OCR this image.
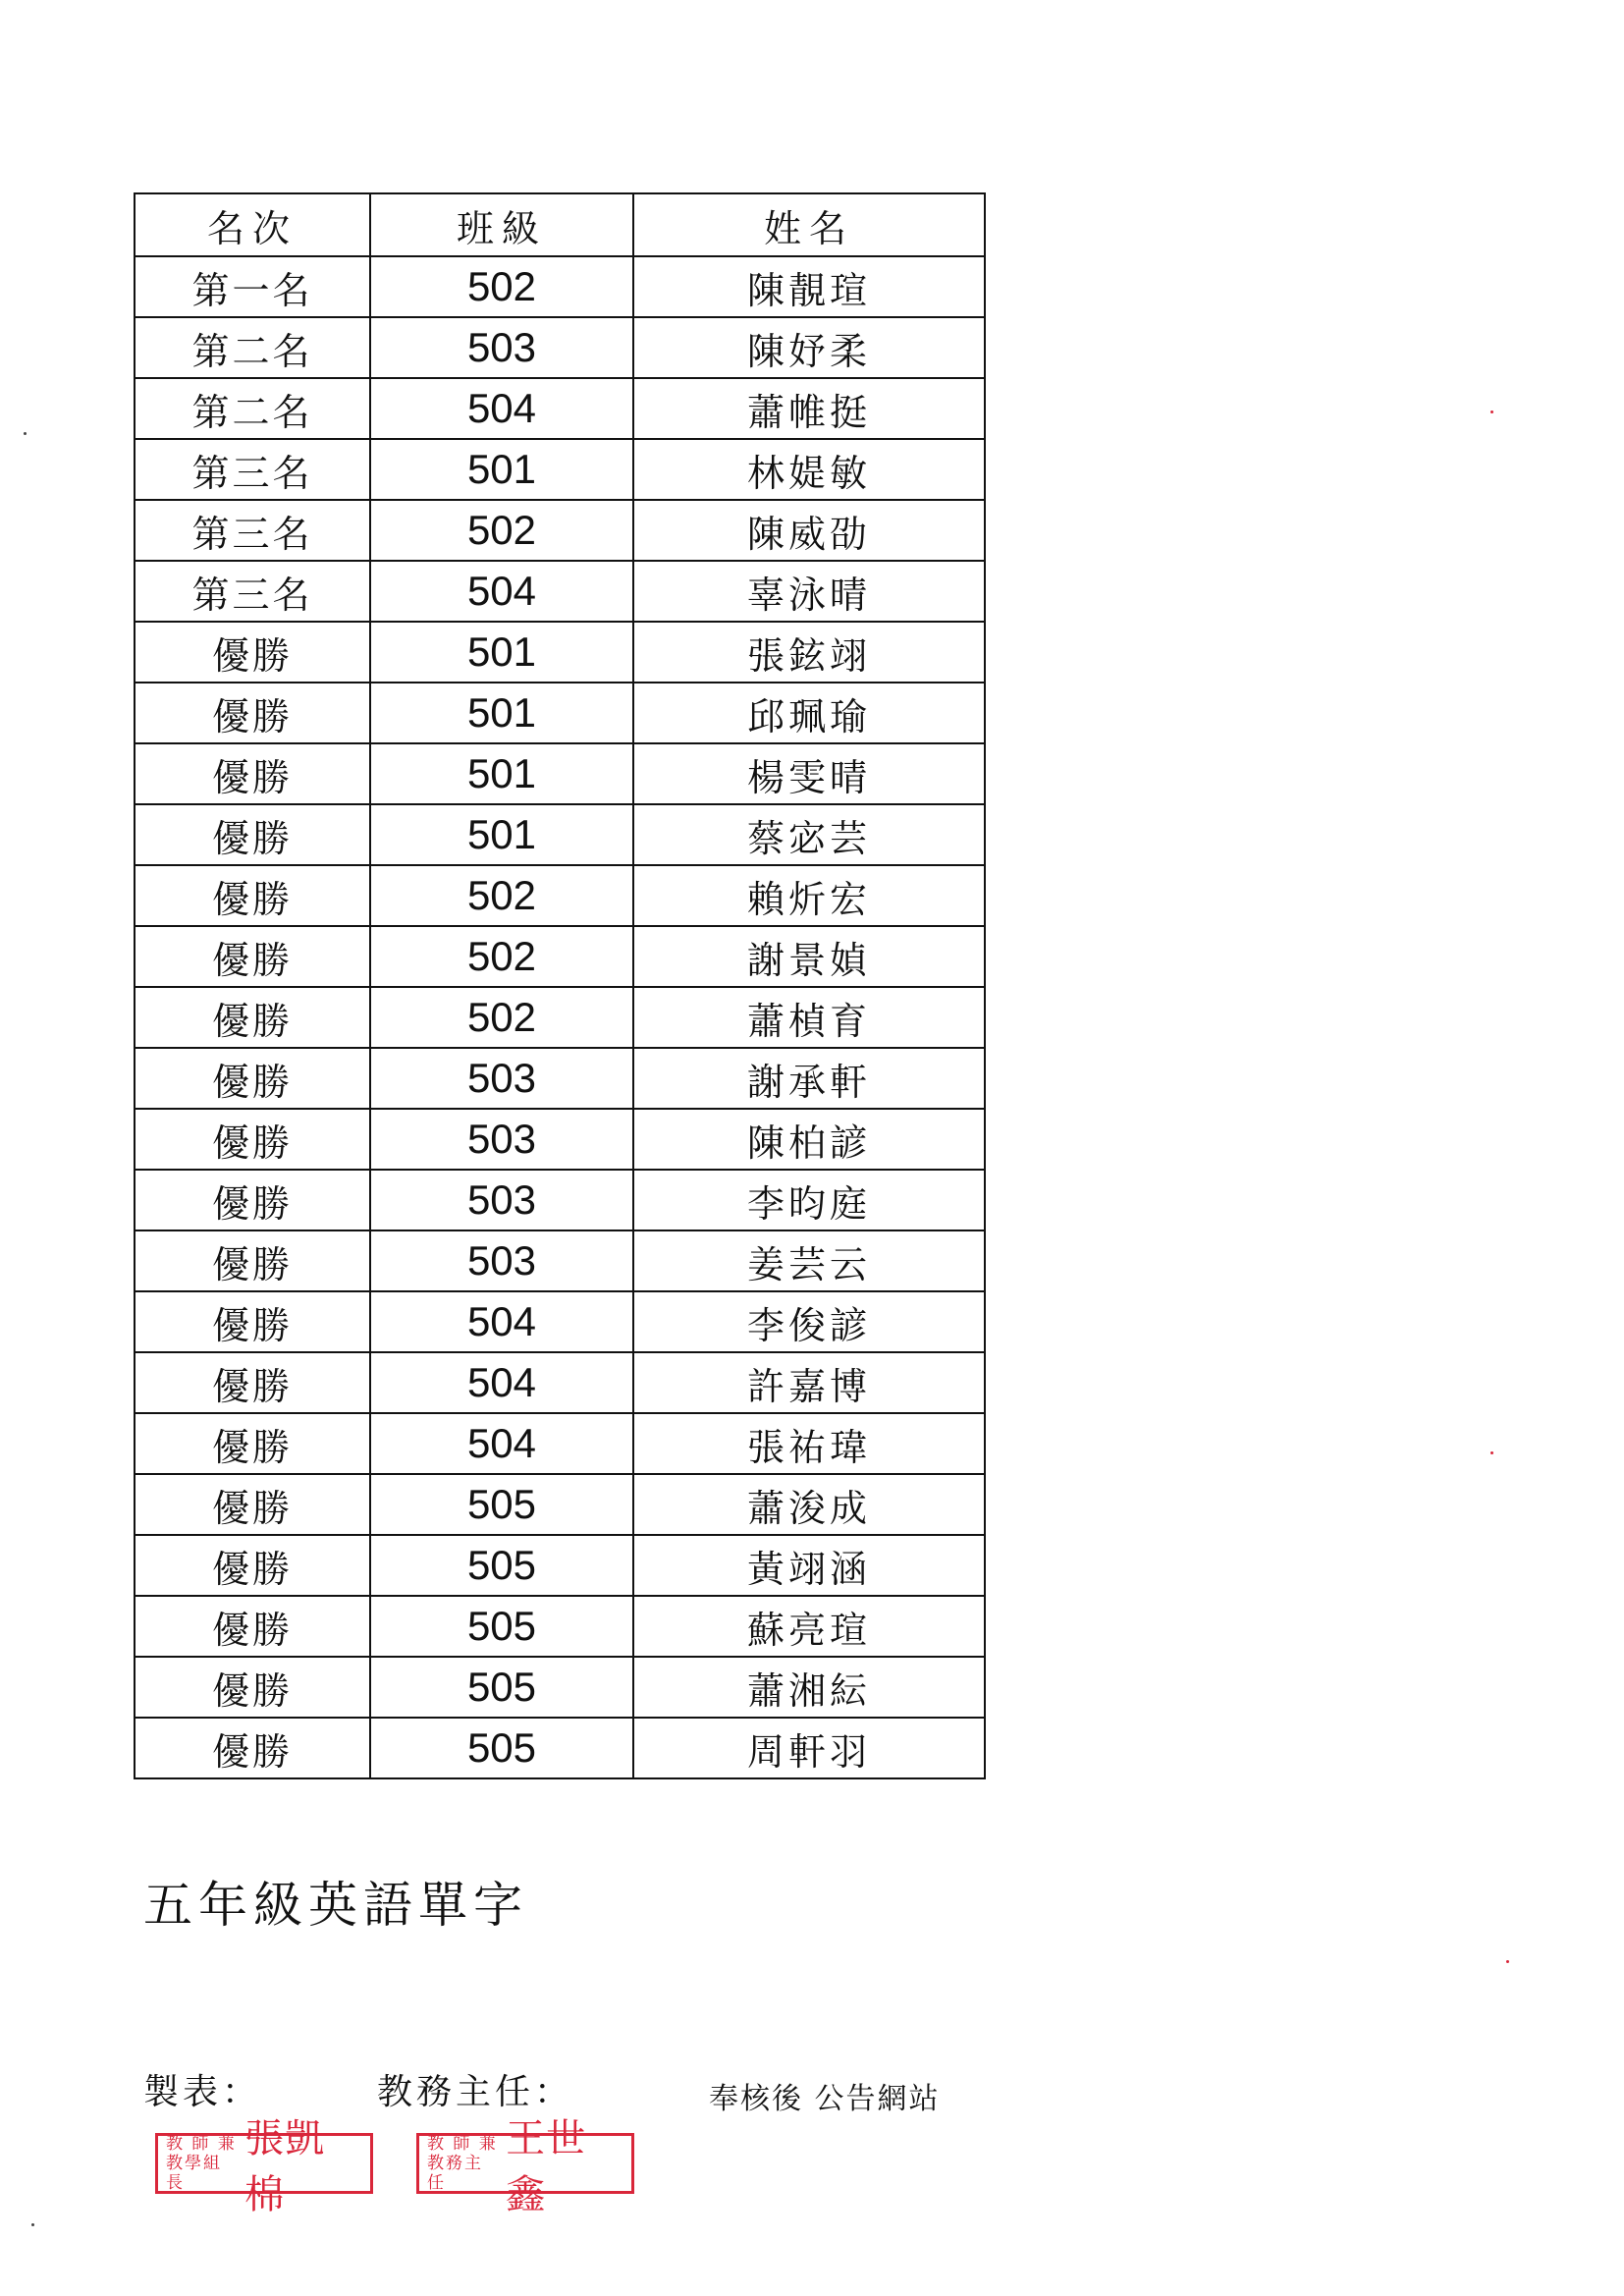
名次	班級	姓名
第一名	502	陳靚瑄
第二名	503	陳妤柔
第二名	504	蕭帷挺
第三名	501	林媞敏
第三名	502	陳威劭
第三名	504	辜泳晴
優勝	501	張鉉翊
優勝	501	邱珮瑜
優勝	501	楊雯晴
優勝	501	蔡宓芸
優勝	502	賴炘宏
優勝	502	謝景媜
優勝	502	蕭楨育
優勝	503	謝承軒
優勝	503	陳柏諺
優勝	503	李昀庭
優勝	503	姜芸云
優勝	504	李俊諺
優勝	504	許嘉博
優勝	504	張祐瑋
優勝	505	蕭浚成
優勝	505	黃翊涵
優勝	505	蘇亮瑄
優勝	505	蕭湘紜
優勝	505	周軒羽
五年級英語單字
製表：	教務主任：	奉核後 公告網站
教 師 兼
教學組長
張凱棉
教 師 兼
教務主任
王世鑫
